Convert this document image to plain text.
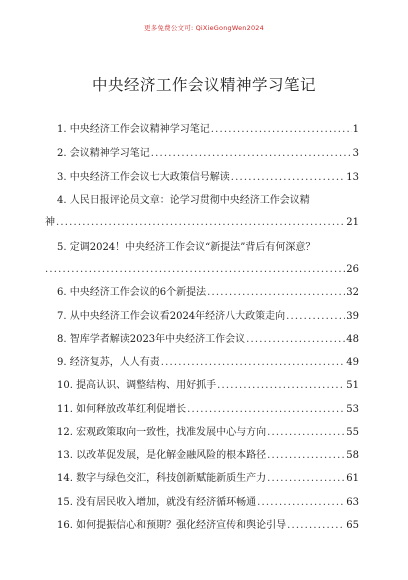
更多免费公文可: QiXieGongWen2024
中央经济工作会议精神学习笔记
1. 中央经济工作会议精神学习笔记 .....	1
2. 会议精神学习笔记 .....	3
3. 中央经济工作会议七大政策信号解读 .....	13
4. 人民日报评论员文章：论学习贯彻中央经济工作会议精
神 .....	21
5. 定调2024！中央经济工作会议“新提法”背后有何深意？
.....
26
6. 中央经济工作会议的6个新提法 .....	32
7. 从中央经济工作会议看2024年经济八大政策走向 .....	39
8. 智库学者解读2023年中央经济工作会议 .....	48
9. 经济复苏，人人有责 .....	49
10. 提高认识、调整结构、用好抓手 .....	51
11. 如何释放改革红利促增长 .....	53
12. 宏观政策取向一致性，找准发展中心与方向 .....	55
13. 以改革促发展，是化解金融风险的根本路径 .....	58
14. 数字与绿色交汇，科技创新赋能新质生产力 .....	61
15. 没有居民收入增加，就没有经济循环畅通 .....	63
16. 如何提振信心和预期？强化经济宣传和舆论引导 .....	65
